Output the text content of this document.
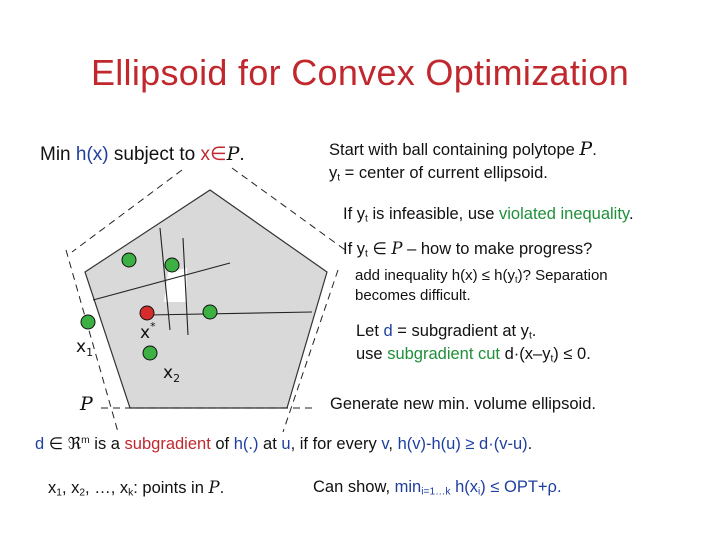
Ellipsoid for Convex Optimization
Min h(x) subject to x∈P.	Start with ball containing polytope P.
$y_t$ = center of current ellipsoid.
If $y_t$ is infeasible, use violated inequality.
If $y_t$ ∈ P – how to make progress?
add inequality $h(x) \le h(y_t)$? Separation
becomes difficult.
Let d = subgradient at $y_t$.
use subgradient cut $d\cdot(x-y_t) \le 0$.
Generate new min. volume ellipsoid.
d ∈ ℜ$^m$ is a subgradient of h(.) at u, if for every v, h(v)-h(u) ≥ d·(v-u).
$x_1$, $x_2$, …, $x_k$: points in P.	Can show, $\min_{i=1\dots k} h(x_i) \le OPT+\rho$.
$x_1$
x*
$x_2$
P
